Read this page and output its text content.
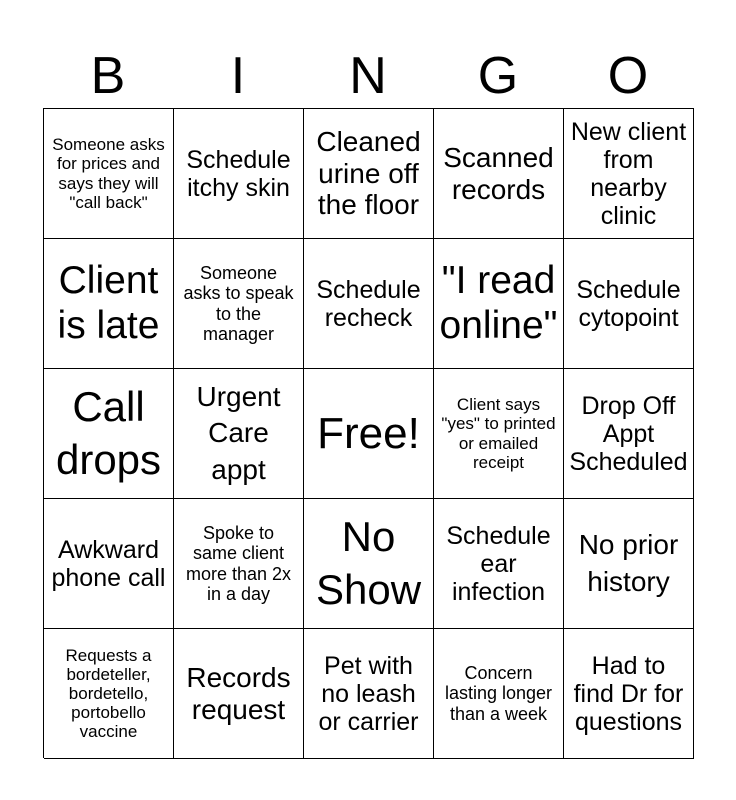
B	I	N	G	O
Someone asks for prices and says they will "call back"
Schedule itchy skin
Cleaned urine off the floor
Scanned records
New client from nearby clinic
Client is late
Someone asks to speak to the manager
Schedule recheck
"I read online"
Schedule cytopoint
Call drops
Urgent Care appt
Free!
Client says "yes" to printed or emailed receipt
Drop Off Appt Scheduled
Awkward phone call
Spoke to same client more than 2x in a day
No Show
Schedule ear infection
No prior history
Requests a bordeteller, bordetello, portobello vaccine
Records request
Pet with no leash or carrier
Concern lasting longer than a week
Had to find Dr for questions
